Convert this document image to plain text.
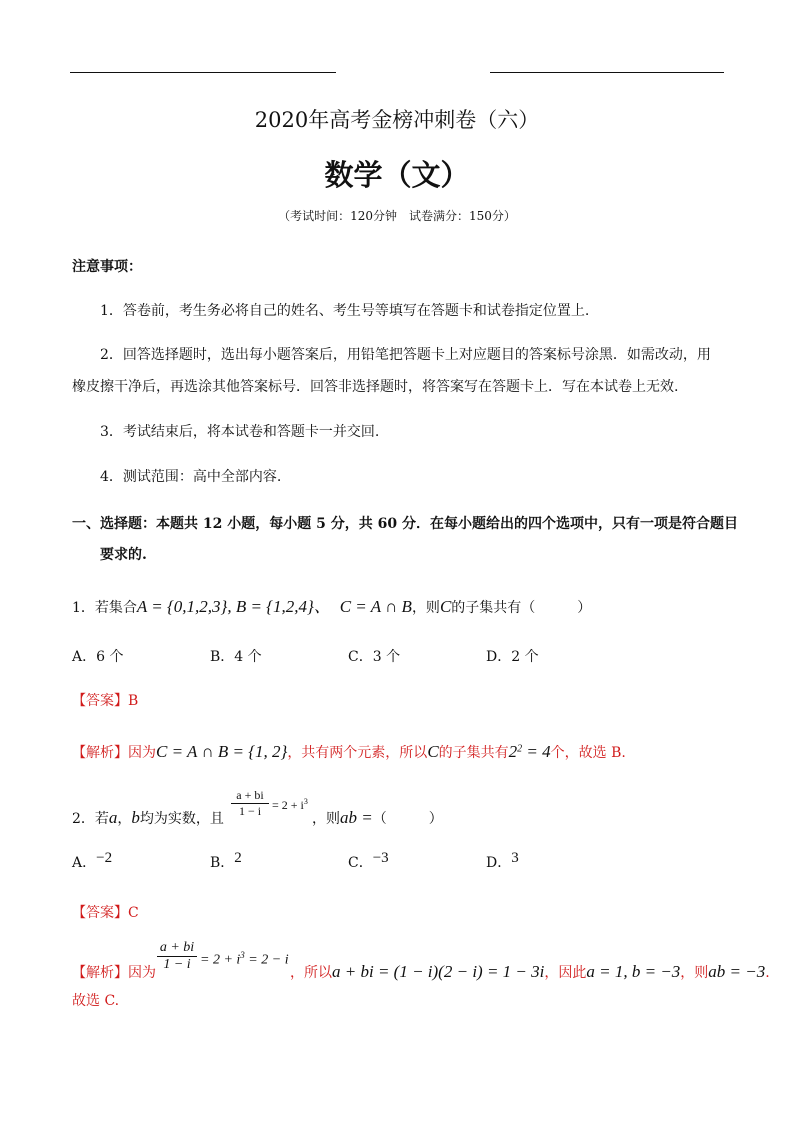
2020年高考金榜冲刺卷（六）
数学（文）
（考试时间：120分钟　试卷满分：150分）
注意事项：
1．答卷前，考生务必将自己的姓名、考生号等填写在答题卡和试卷指定位置上.
2．回答选择题时，选出每小题答案后，用铅笔把答题卡上对应题目的答案标号涂黑．如需改动，用
橡皮擦干净后，再选涂其他答案标号．回答非选择题时，将答案写在答题卡上．写在本试卷上无效.
3．考试结束后，将本试卷和答题卡一并交回.
4．测试范围：高中全部内容.
一、选择题：本题共 12 小题，每小题 5 分，共 60 分．在每小题给出的四个选项中，只有一项是符合题目
要求的.
1．若集合A = {0,1,2,3}, B = {1,2,4}、 C = A ∩ B，则C的子集共有（　　　）
A．6 个	B．4 个	C．3 个	D．2 个
【答案】B
【解析】因为C = A ∩ B = {1, 2}，共有两个元素，所以C的子集共有$2^2 = 4$个，故选 B.
2．若a，b均为实数，且
a + bi
$1 - i = 2 + i^3$
，则ab =（　　　）
A．−2	B．2	C．−3	D．3
【答案】C
【解析】因为
a + bi
$1 - i = 2 + i^3 = 2 - i$
，所以a + bi = (1 − i)(2 − i) = 1 − 3i，因此a = 1, b = −3，则ab = −3.
故选 C.
